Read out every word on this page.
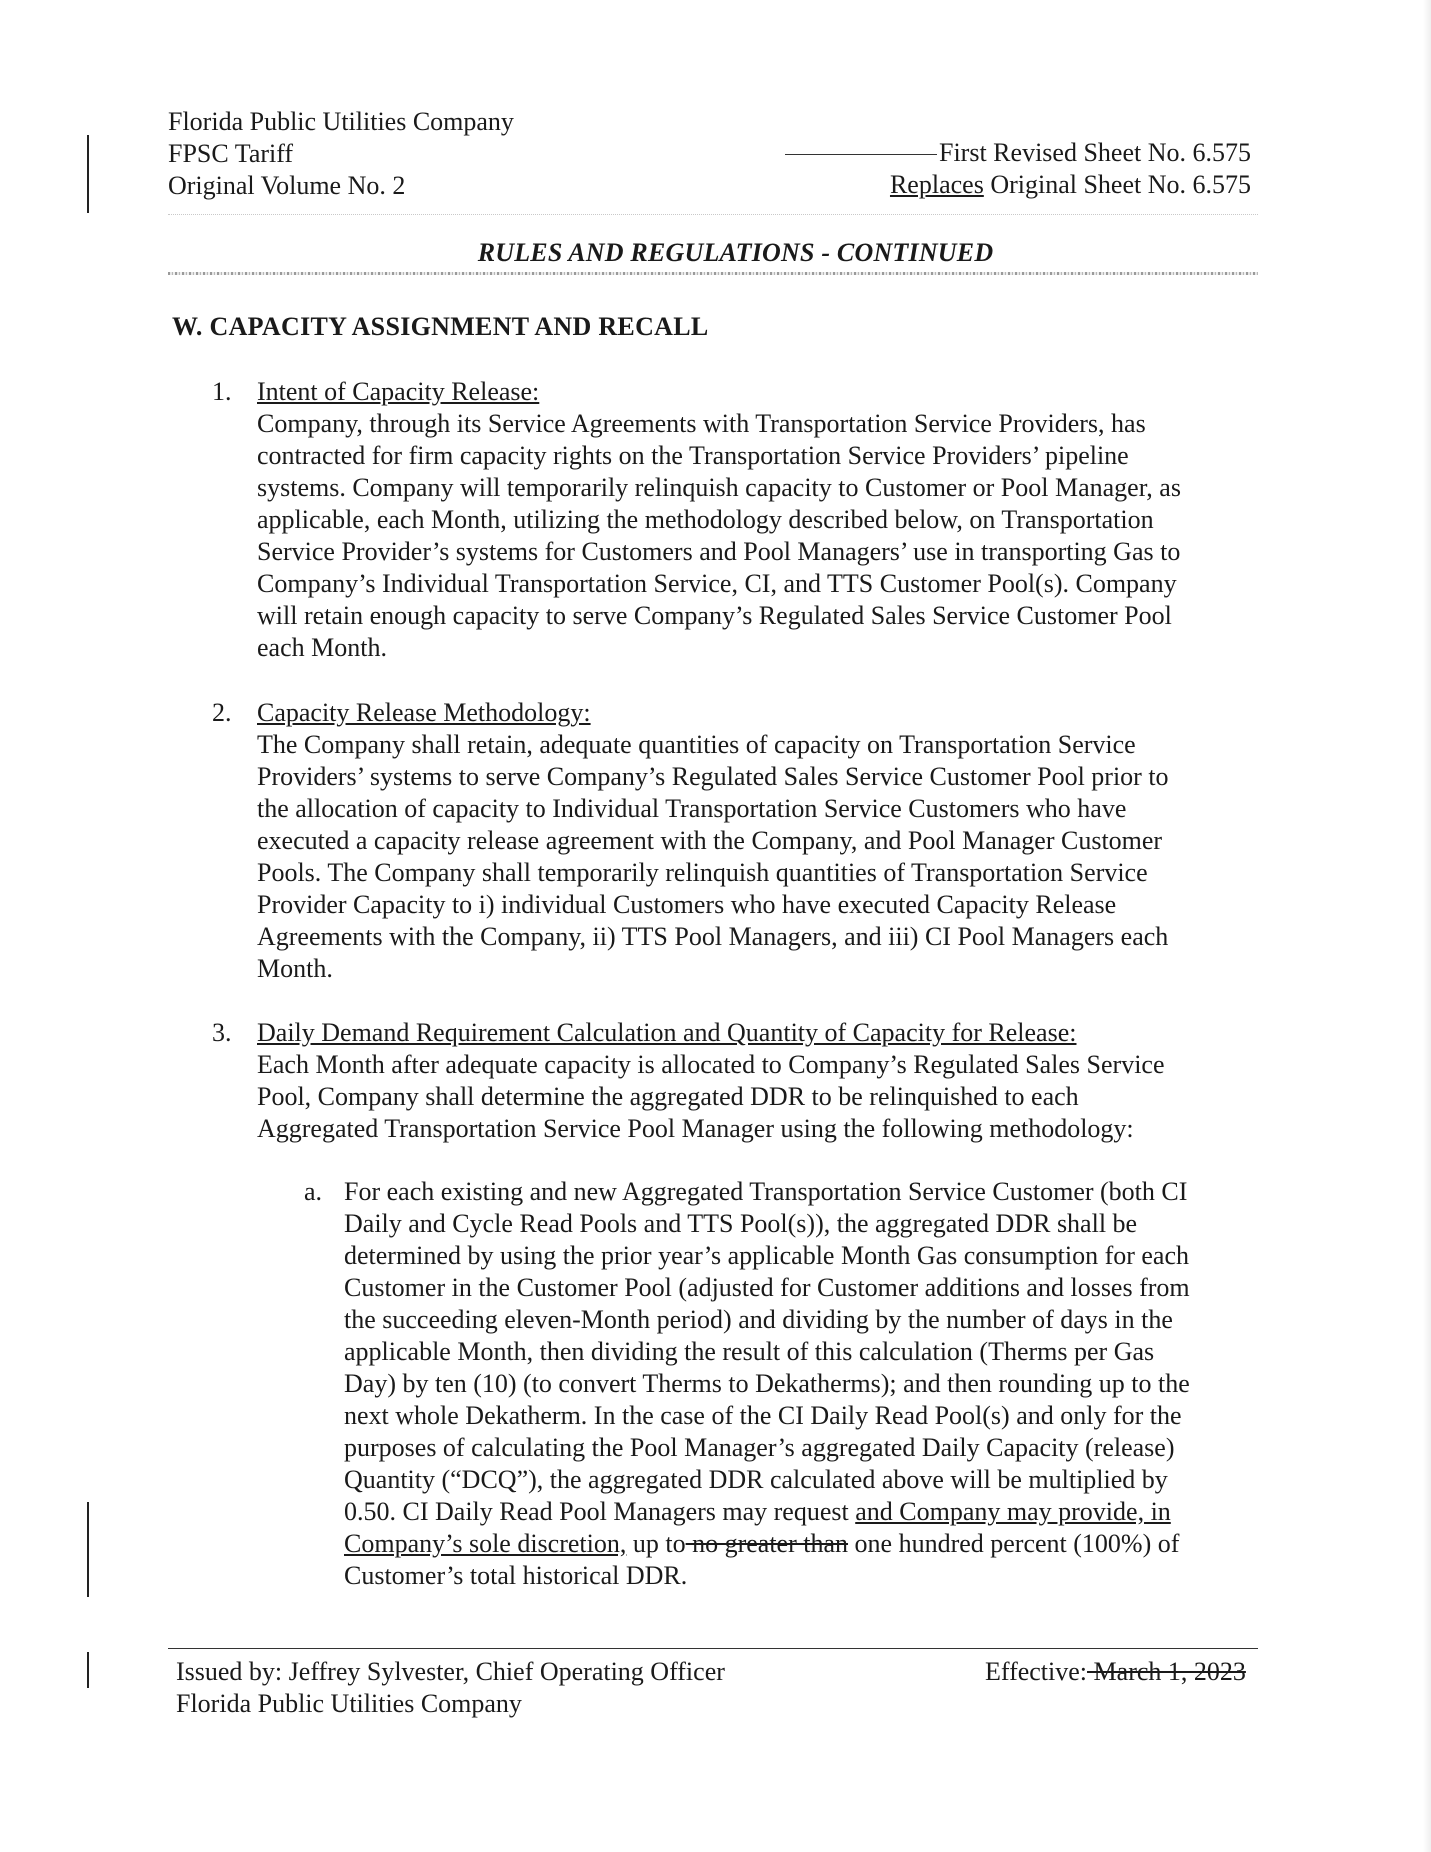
Florida Public Utilities Company
FPSC Tariff
Original Volume No. 2
First Revised Sheet No. 6.575
Replaces Original Sheet No. 6.575
RULES AND REGULATIONS - CONTINUED
W. CAPACITY ASSIGNMENT AND RECALL
1. Intent of Capacity Release:

Company, through its Service Agreements with Transportation Service Providers, has

contracted for firm capacity rights on the Transportation Service Providers’ pipeline

systems. Company will temporarily relinquish capacity to Customer or Pool Manager, as

applicable, each Month, utilizing the methodology described below, on Transportation

Service Provider’s systems for Customers and Pool Managers’ use in transporting Gas to

Company’s Individual Transportation Service, CI, and TTS Customer Pool(s). Company

will retain enough capacity to serve Company’s Regulated Sales Service Customer Pool

each Month.

2. Capacity Release Methodology:

The Company shall retain, adequate quantities of capacity on Transportation Service

Providers’ systems to serve Company’s Regulated Sales Service Customer Pool prior to

the allocation of capacity to Individual Transportation Service Customers who have

executed a capacity release agreement with the Company, and Pool Manager Customer

Pools. The Company shall temporarily relinquish quantities of Transportation Service

Provider Capacity to i) individual Customers who have executed Capacity Release

Agreements with the Company, ii) TTS Pool Managers, and iii) CI Pool Managers each

Month.

3. Daily Demand Requirement Calculation and Quantity of Capacity for Release:

Each Month after adequate capacity is allocated to Company’s Regulated Sales Service

Pool, Company shall determine the aggregated DDR to be relinquished to each

Aggregated Transportation Service Pool Manager using the following methodology:

a. For each existing and new Aggregated Transportation Service Customer (both CI

Daily and Cycle Read Pools and TTS Pool(s)), the aggregated DDR shall be

determined by using the prior year’s applicable Month Gas consumption for each

Customer in the Customer Pool (adjusted for Customer additions and losses from

the succeeding eleven-Month period) and dividing by the number of days in the

applicable Month, then dividing the result of this calculation (Therms per Gas

Day) by ten (10) (to convert Therms to Dekatherms); and then rounding up to the

next whole Dekatherm. In the case of the CI Daily Read Pool(s) and only for the

purposes of calculating the Pool Manager’s aggregated Daily Capacity (release)

Quantity (“DCQ”), the aggregated DDR calculated above will be multiplied by

0.50. CI Daily Read Pool Managers may request and Company may provide, in

Company’s sole discretion, up to no greater than one hundred percent (100%) of

Customer’s total historical DDR.

Issued by: Jeffrey Sylvester, Chief Operating Officer
Florida Public Utilities Company
Effective: March 1, 2023
